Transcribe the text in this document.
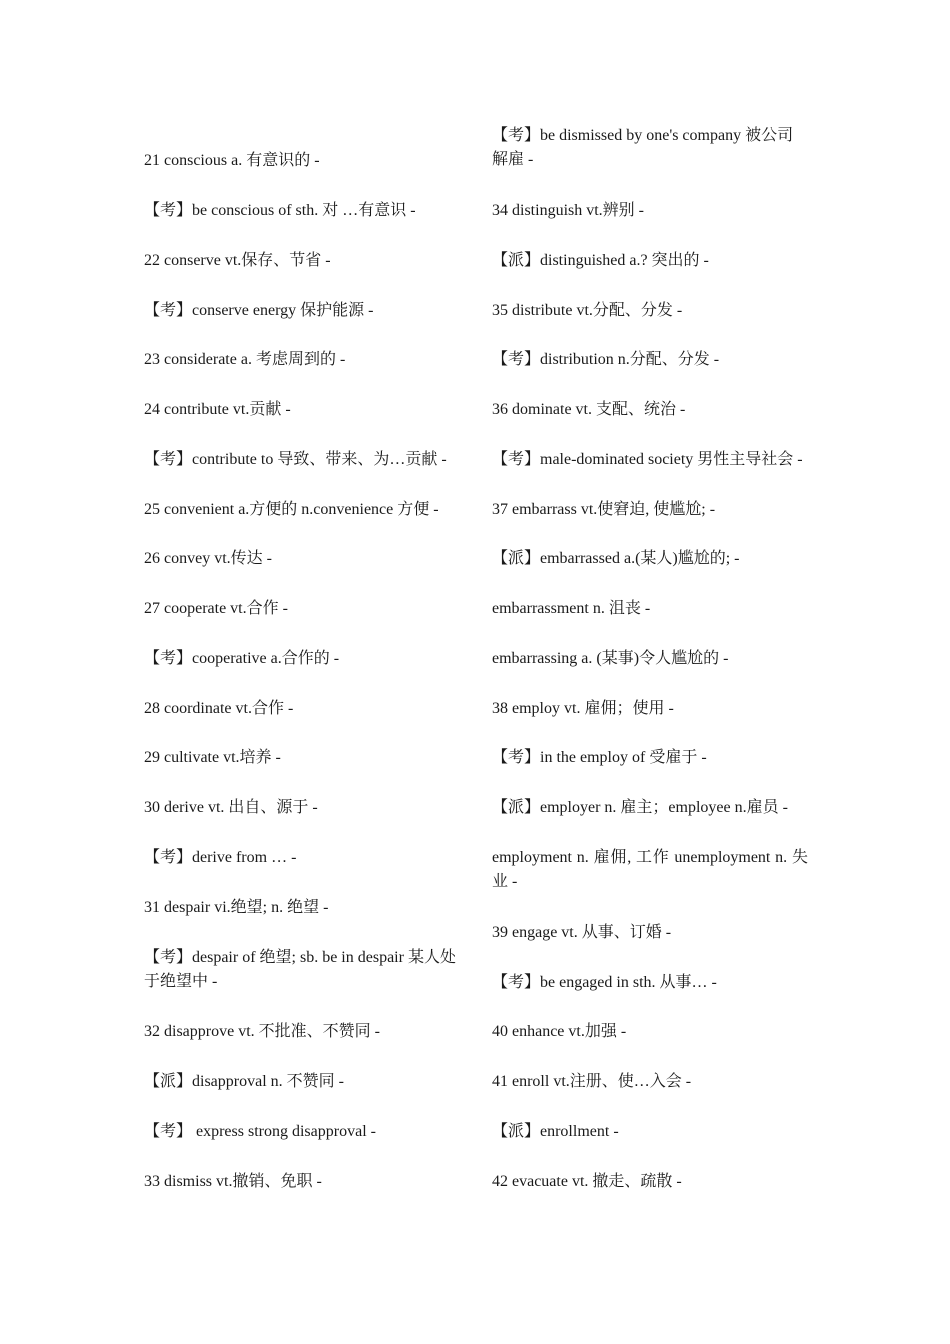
21 conscious a. 有意识的 -
【考】be conscious of sth. 对 …有意识 -
22 conserve vt.保存、节省 -
【考】conserve energy 保护能源 -
23 considerate a. 考虑周到的 -
24 contribute vt.贡献 -
【考】contribute to 导致、带来、为…贡献 -
25 convenient a.方便的 n.convenience 方便 -
26 convey vt.传达 -
27 cooperate vt.合作 -
【考】cooperative a.合作的 -
28 coordinate vt.合作 -
29 cultivate vt.培养 -
30 derive vt. 出自、源于 -
【考】derive from … -
31 despair vi.绝望; n. 绝望 -
【考】despair of 绝望; sb. be in despair 某人处于绝望中 -
32 disapprove vt. 不批准、不赞同 -
【派】disapproval n. 不赞同 -
【考】 express strong disapproval -
33 dismiss vt.撤销、免职 -
【考】be dismissed by one's company 被公司解雇 -
34 distinguish vt.辨别 -
【派】distinguished a.? 突出的 -
35 distribute vt.分配、分发 -
【考】distribution n.分配、分发 -
36 dominate vt. 支配、统治 -
【考】male-dominated society 男性主导社会 -
37 embarrass vt.使窘迫, 使尴尬; -
【派】embarrassed a.(某人)尴尬的; -
embarrassment n. 沮丧 -
embarrassing a. (某事)令人尴尬的 -
38 employ vt. 雇佣；使用 -
【考】in the employ of 受雇于 -
【派】employer n. 雇主；employee n.雇员 -
employment n. 雇佣, 工作 unemployment n. 失业 -
39 engage vt. 从事、订婚 -
【考】be engaged in sth. 从事… -
40 enhance vt.加强 -
41 enroll vt.注册、使…入会 -
【派】enrollment -
42 evacuate vt. 撤走、疏散 -
